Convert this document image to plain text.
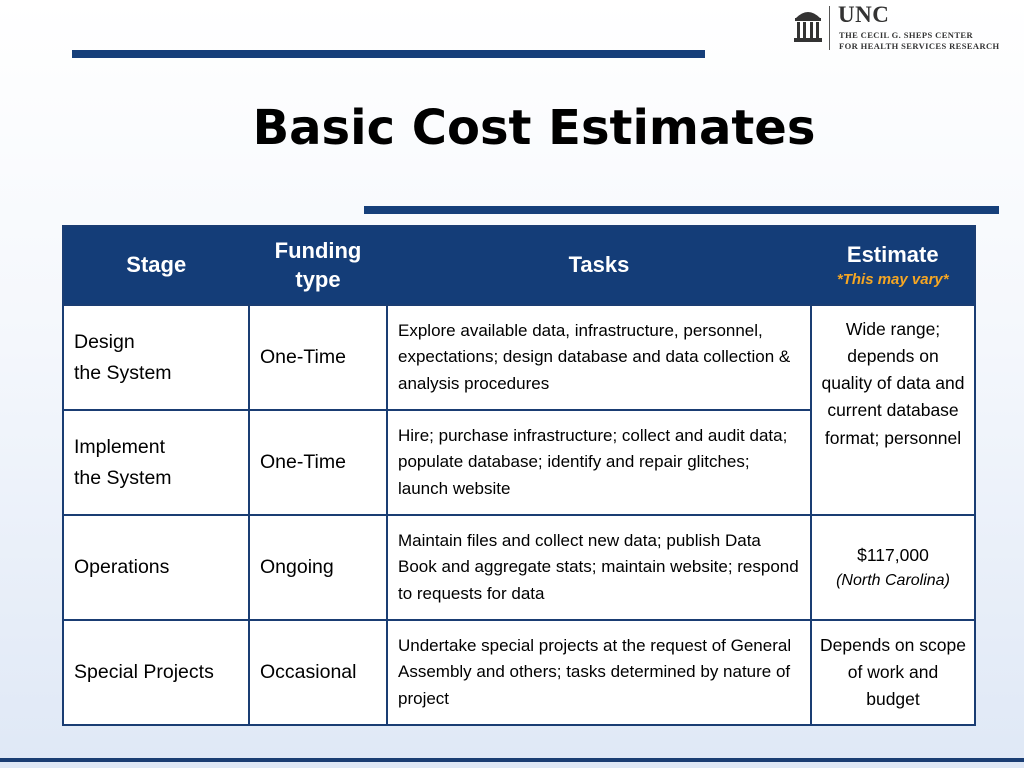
UNC
THE CECIL G. SHEPS CENTER
FOR HEALTH SERVICES RESEARCH
Basic Cost Estimates
Stage	Funding type	Tasks	Estimate
*This may vary*

Design
the System	One-Time	Explore available data, infrastructure, personnel, expectations; design database and data collection & analysis procedures	Wide range; depends on quality of data and current database format; personnel

Implement
the System	One-Time	Hire; purchase infrastructure; collect and audit data; populate database; identify and repair glitches; launch website	
Operations	Ongoing	Maintain files and collect new data; publish Data Book and aggregate stats; maintain website; respond to requests for data	$117,000
(North Carolina)

Special Projects	Occasional	Undertake special projects at the request of General Assembly and others; tasks determined by nature of project	Depends on scope of work and budget
